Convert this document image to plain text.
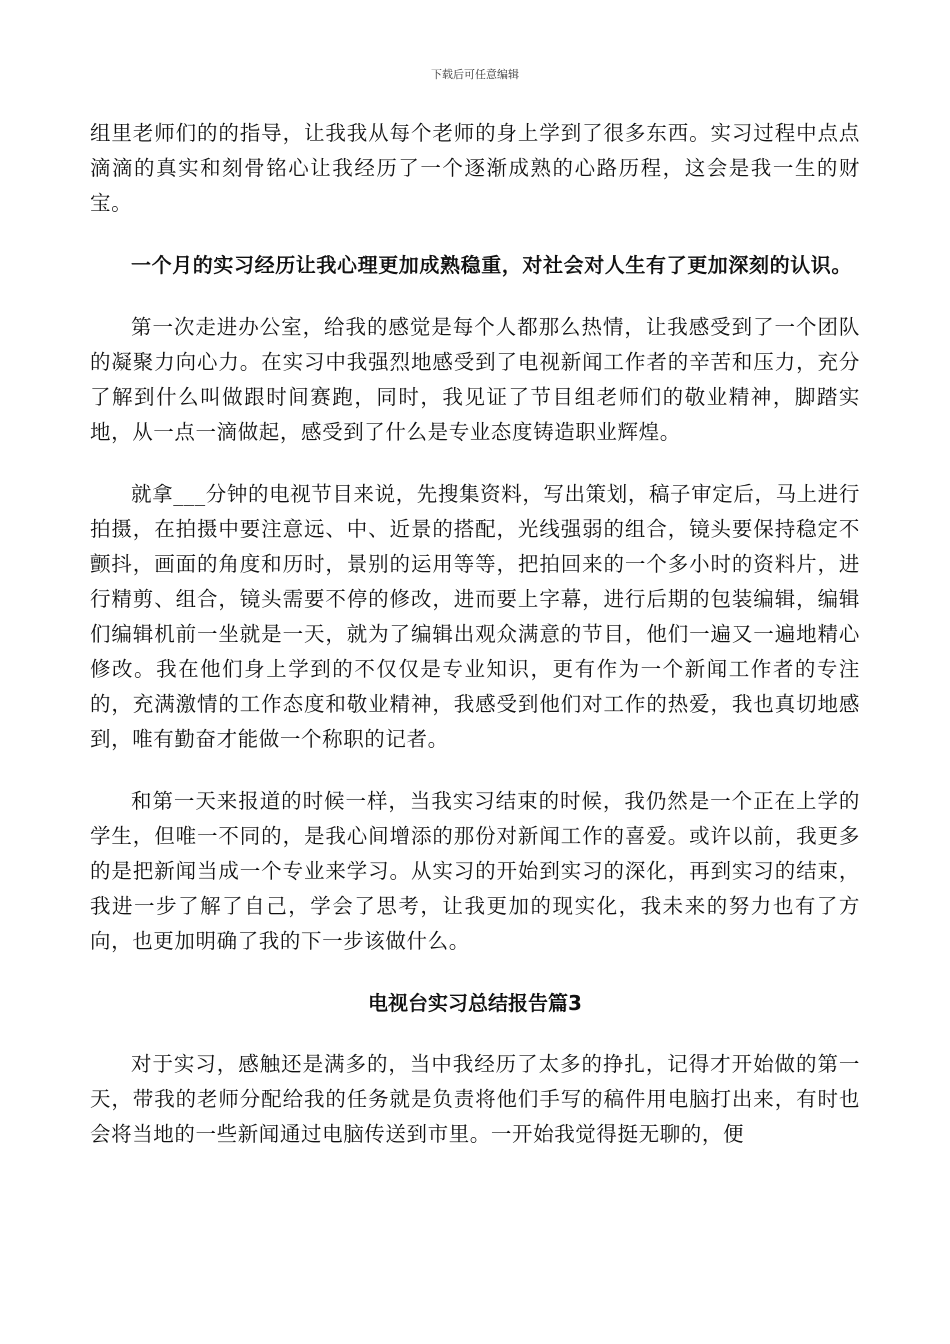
下载后可任意编辑

组里老师们的的指导，让我我从每个老师的身上学到了很多东西。实习过程中点点滴滴的真实和刻骨铭心让我经历了一个逐渐成熟的心路历程，这会是我一生的财宝。

一个月的实习经历让我心理更加成熟稳重，对社会对人生有了更加深刻的认识。

第一次走进办公室，给我的感觉是每个人都那么热情，让我感受到了一个团队的凝聚力向心力。在实习中我强烈地感受到了电视新闻工作者的辛苦和压力，充分了解到什么叫做跟时间赛跑，同时，我见证了节目组老师们的敬业精神，脚踏实地，从一点一滴做起，感受到了什么是专业态度铸造职业辉煌。

就拿___分钟的电视节目来说，先搜集资料，写出策划，稿子审定后，马上进行拍摄，在拍摄中要注意远、中、近景的搭配，光线强弱的组合，镜头要保持稳定不颤抖，画面的角度和历时，景别的运用等等，把拍回来的一个多小时的资料片，进行精剪、组合，镜头需要不停的修改，进而要上字幕，进行后期的包装编辑，编辑们编辑机前一坐就是一天，就为了编辑出观众满意的节目，他们一遍又一遍地精心修改。我在他们身上学到的不仅仅是专业知识，更有作为一个新闻工作者的专注的，充满激情的工作态度和敬业精神，我感受到他们对工作的热爱，我也真切地感到，唯有勤奋才能做一个称职的记者。

和第一天来报道的时候一样，当我实习结束的时候，我仍然是一个正在上学的学生，但唯一不同的，是我心间增添的那份对新闻工作的喜爱。或许以前，我更多的是把新闻当成一个专业来学习。从实习的开始到实习的深化，再到实习的结束，我进一步了解了自己，学会了思考，让我更加的现实化，我未来的努力也有了方向，也更加明确了我的下一步该做什么。

电视台实习总结报告篇3

对于实习，感触还是满多的，当中我经历了太多的挣扎，记得才开始做的第一天，带我的老师分配给我的任务就是负责将他们手写的稿件用电脑打出来，有时也会将当地的一些新闻通过电脑传送到市里。一开始我觉得挺无聊的，便
